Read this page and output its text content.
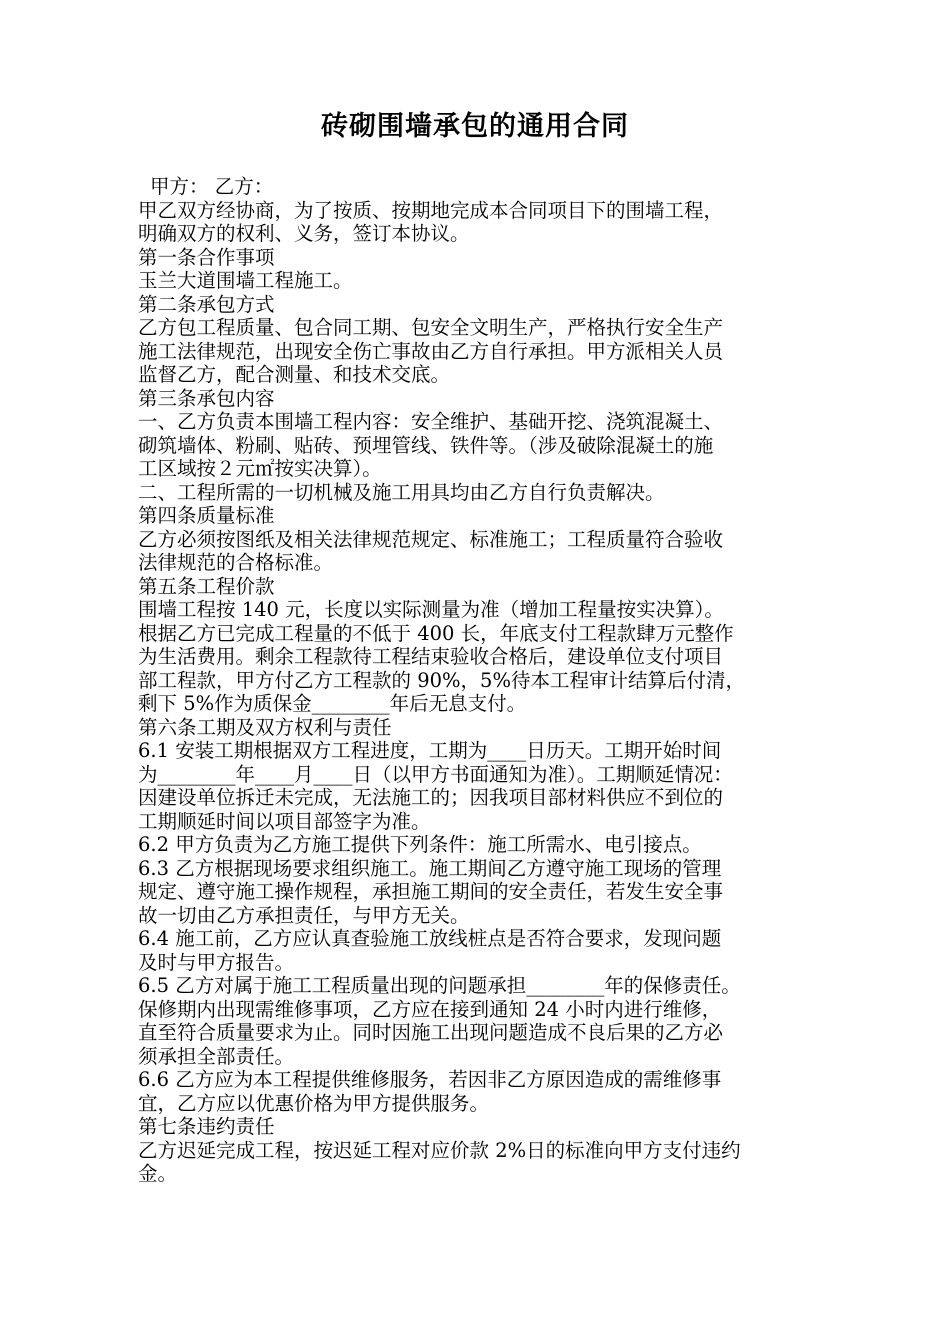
砖砌围墙承包的通用合同
甲方： 乙方：
甲乙双方经协商，为了按质、按期地完成本合同项目下的围墙工程，
明确双方的权利、义务，签订本协议。
第一条合作事项
玉兰大道围墙工程施工。
第二条承包方式
乙方包工程质量、包合同工期、包安全文明生产，严格执行安全生产
施工法律规范，出现安全伤亡事故由乙方自行承担。甲方派相关人员
监督乙方，配合测量、和技术交底。
第三条承包内容
一、乙方负责本围墙工程内容：安全维护、基础开挖、浇筑混凝土、
砌筑墙体、粉刷、贴砖、预埋管线、铁件等。（涉及破除混凝土的施
工区域按２元㎡按实决算）。
二、工程所需的一切机械及施工用具均由乙方自行负责解决。
第四条质量标准
乙方必须按图纸及相关法律规范规定、标准施工；工程质量符合验收
法律规范的合格标准。
第五条工程价款
围墙工程按 140 元，长度以实际测量为准（增加工程量按实决算）。
根据乙方已完成工程量的不低于 400 长，年底支付工程款肆万元整作
为生活费用。剩余工程款待工程结束验收合格后，建设单位支付项目
部工程款，甲方付乙方工程款的 90%，5%待本工程审计结算后付清，
剩下 5%作为质保金________年后无息支付。
第六条工期及双方权利与责任
6.1 安装工期根据双方工程进度，工期为____日历天。工期开始时间
为________年____月____日（以甲方书面通知为准）。工期顺延情况：
因建设单位拆迁未完成，无法施工的；因我项目部材料供应不到位的
工期顺延时间以项目部签字为准。
6.2 甲方负责为乙方施工提供下列条件：施工所需水、电引接点。
6.3 乙方根据现场要求组织施工。施工期间乙方遵守施工现场的管理
规定、遵守施工操作规程，承担施工期间的安全责任，若发生安全事
故一切由乙方承担责任，与甲方无关。
6.4 施工前，乙方应认真查验施工放线桩点是否符合要求，发现问题
及时与甲方报告。
6.5 乙方对属于施工工程质量出现的问题承担________年的保修责任。
保修期内出现需维修事项，乙方应在接到通知 24 小时内进行维修，
直至符合质量要求为止。同时因施工出现问题造成不良后果的乙方必
须承担全部责任。
6.6 乙方应为本工程提供维修服务，若因非乙方原因造成的需维修事
宜，乙方应以优惠价格为甲方提供服务。
第七条违约责任
乙方迟延完成工程，按迟延工程对应价款 2%日的标准向甲方支付违约
金。
